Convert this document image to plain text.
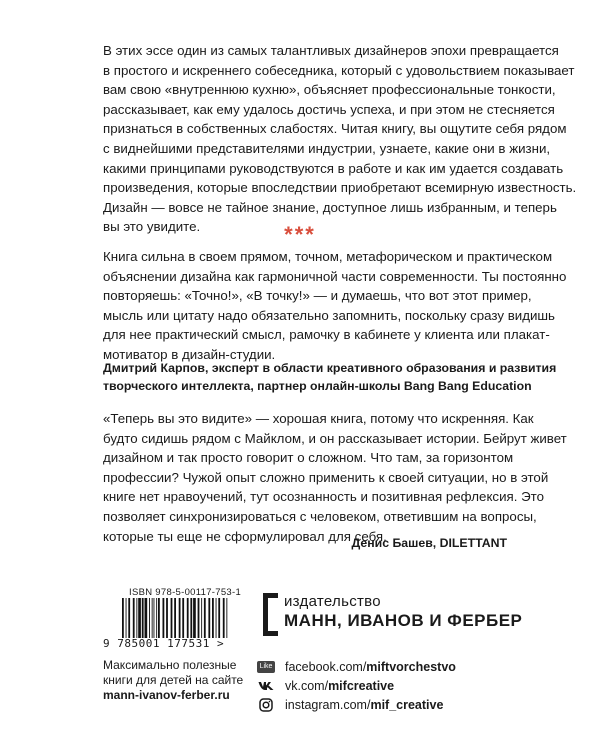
В этих эссе один из самых талантливых дизайнеров эпохи превращается

в простого и искреннего собеседника, который с удовольствием показывает

вам свою «внутреннюю кухню», объясняет профессиональные тонкости,

рассказывает, как ему удалось достичь успеха, и при этом не стесняется

признаться в собственных слабостях. Читая книгу, вы ощутите себя рядом

с виднейшими представителями индустрии, узнаете, какие они в жизни,

какими принципами руководствуются в работе и как им удается создавать

произведения, которые впоследствии приобретают всемирную известность.

Дизайн — вовсе не тайное знание, доступное лишь избранным, и теперь

вы это увидите.	***

Книга сильна в своем прямом, точном, метафорическом и практическом

объяснении дизайна как гармоничной части современности. Ты постоянно

повторяешь: «Точно!», «В точку!» — и думаешь, что вот этот пример,

мысль или цитату надо обязательно запомнить, поскольку сразу видишь

для нее практический смысл, рамочку в кабинете у клиента или плакат-

мотиватор в дизайн-студии.

Дмитрий Карпов, эксперт в области креативного образования и развития
творческого интеллекта, партнер онлайн-школы Bang Bang Education

«Теперь вы это видите» — хорошая книга, потому что искренняя. Как

будто сидишь рядом с Майклом, и он рассказывает истории. Бейрут живет

дизайном и так просто говорит о сложном. Что там, за горизонтом

профессии? Чужой опыт сложно применить к своей ситуации, но в этой

книге нет нравоучений, тут осознанность и позитивная рефлексия. Это

позволяет синхронизироваться с человеком, ответившим на вопросы,

которые ты еще не сформулировал для себя.

Денис Башев, DILETTANT
ISBN 978-5-00117-753-1
9 785001 177531 >
Максимально полезные
книги для детей на сайте
mann-ivanov-ferber.ru
издательство
МАНН, ИВАНОВ И ФЕРБЕР
Like facebook.com/ miftvorchestvo
vk.com/ mifcreative
instagram.com/ mif_creative
